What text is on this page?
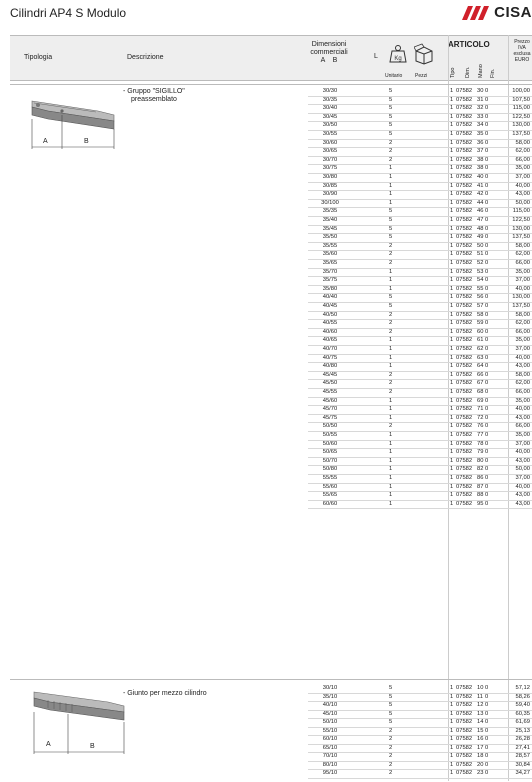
Cilindri AP4 S Modulo	CISA
Tipologia	Descrizione
Dimensioni commerciali
A    B
L	Kg
Unitario	Pezzi
ARTICOLO
Tipo Dim. Mano Fin.
Prezzo IVA esclusa EURO
- Gruppo "SIGILLO"
preassemblato
A	B
30/30	5	1 07582 30 0	100,00
30/35	5	1 07582 31 0	107,50
30/40	5	1 07582 32 0	115,00
30/45	5	1 07582 33 0	122,50
30/50	5	1 07582 34 0	130,00
30/55	5	1 07582 35 0	137,50
30/60	2	1 07582 36 0	58,00
30/65	2	1 07582 37 0	62,00
30/70	2	1 07582 38 0	66,00
30/75	1	1 07582 38 0	35,00
30/80	1	1 07582 40 0	37,00
30/85	1	1 07582 41 0	40,00
30/90	1	1 07582 42 0	43,00
30/100	1	1 07582 44 0	50,00
35/35	5	1 07582 46 0	115,00
35/40	5	1 07582 47 0	122,50
35/45	5	1 07582 48 0	130,00
35/50	5	1 07582 49 0	137,50
35/55	2	1 07582 50 0	58,00
35/60	2	1 07582 51 0	62,00
35/65	2	1 07582 52 0	66,00
35/70	1	1 07582 53 0	35,00
35/75	1	1 07582 54 0	37,00
35/80	1	1 07582 55 0	40,00
40/40	5	1 07582 56 0	130,00
40/45	5	1 07582 57 0	137,50
40/50	2	1 07582 58 0	58,00
40/55	2	1 07582 59 0	62,00
40/60	2	1 07582 60 0	66,00
40/65	1	1 07582 61 0	35,00
40/70	1	1 07582 62 0	37,00
40/75	1	1 07582 63 0	40,00
40/80	1	1 07582 64 0	43,00
45/45	2	1 07582 66 0	58,00
45/50	2	1 07582 67 0	62,00
45/55	2	1 07582 68 0	66,00
45/60	1	1 07582 69 0	35,00
45/70	1	1 07582 71 0	40,00
45/75	1	1 07582 72 0	43,00
50/50	2	1 07582 76 0	66,00
50/55	1	1 07582 77 0	35,00
50/60	1	1 07582 78 0	37,00
50/65	1	1 07582 79 0	40,00
50/70	1	1 07582 80 0	43,00
50/80	1	1 07582 82 0	50,00
55/55	1	1 07582 86 0	37,00
55/60	1	1 07582 87 0	40,00
55/65	1	1 07582 88 0	43,00
60/60	1	1 07582 95 0	43,00
- Giunto per mezzo cilindro
A	B
30/10	5	1 07582 10 0	57,12
35/10	5	1 07582 11 0	58,26
40/10	5	1 07582 12 0	59,40
45/10	5	1 07582 13 0	60,35
50/10	5	1 07582 14 0	61,69
55/10	2	1 07582 15 0	25,13
60/10	2	1 07582 16 0	26,28
65/10	2	1 07582 17 0	27,41
70/10	2	1 07582 18 0	28,57
80/10	2	1 07582 20 0	30,84
95/10	2	1 07582 23 0	34,27
